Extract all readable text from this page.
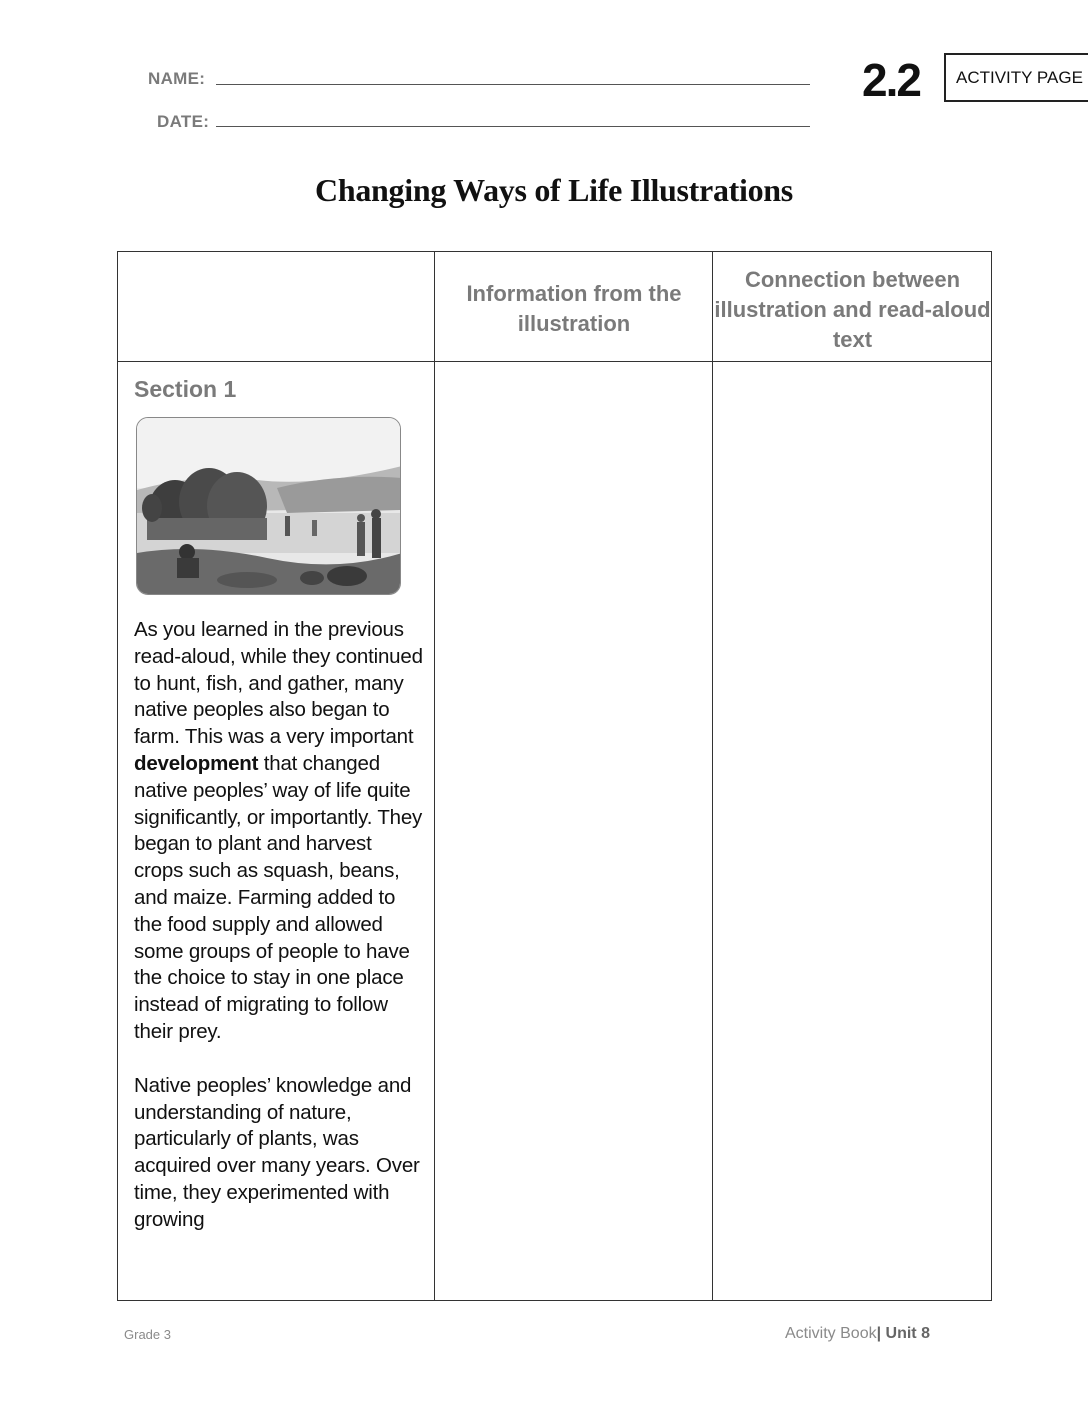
NAME:
DATE:
2.2 ACTIVITY PAGE
Changing Ways of Life Illustrations
Information from the illustration
Connection between illustration and read-aloud text
Section 1

As you learned in the previous read-aloud, while they continued to hunt, fish, and gather, many native peoples also began to farm. This was a very important development that changed native peoples’ way of life quite significantly, or importantly. They began to plant and harvest crops such as squash, beans, and maize. Farming added to the food supply and allowed some groups of people to have the choice to stay in one place instead of migrating to follow their prey.

Native peoples’ knowledge and understanding of nature, particularly of plants, was acquired over many years. Over time, they experimented with growing

Grade 3	Activity Book| Unit 8
